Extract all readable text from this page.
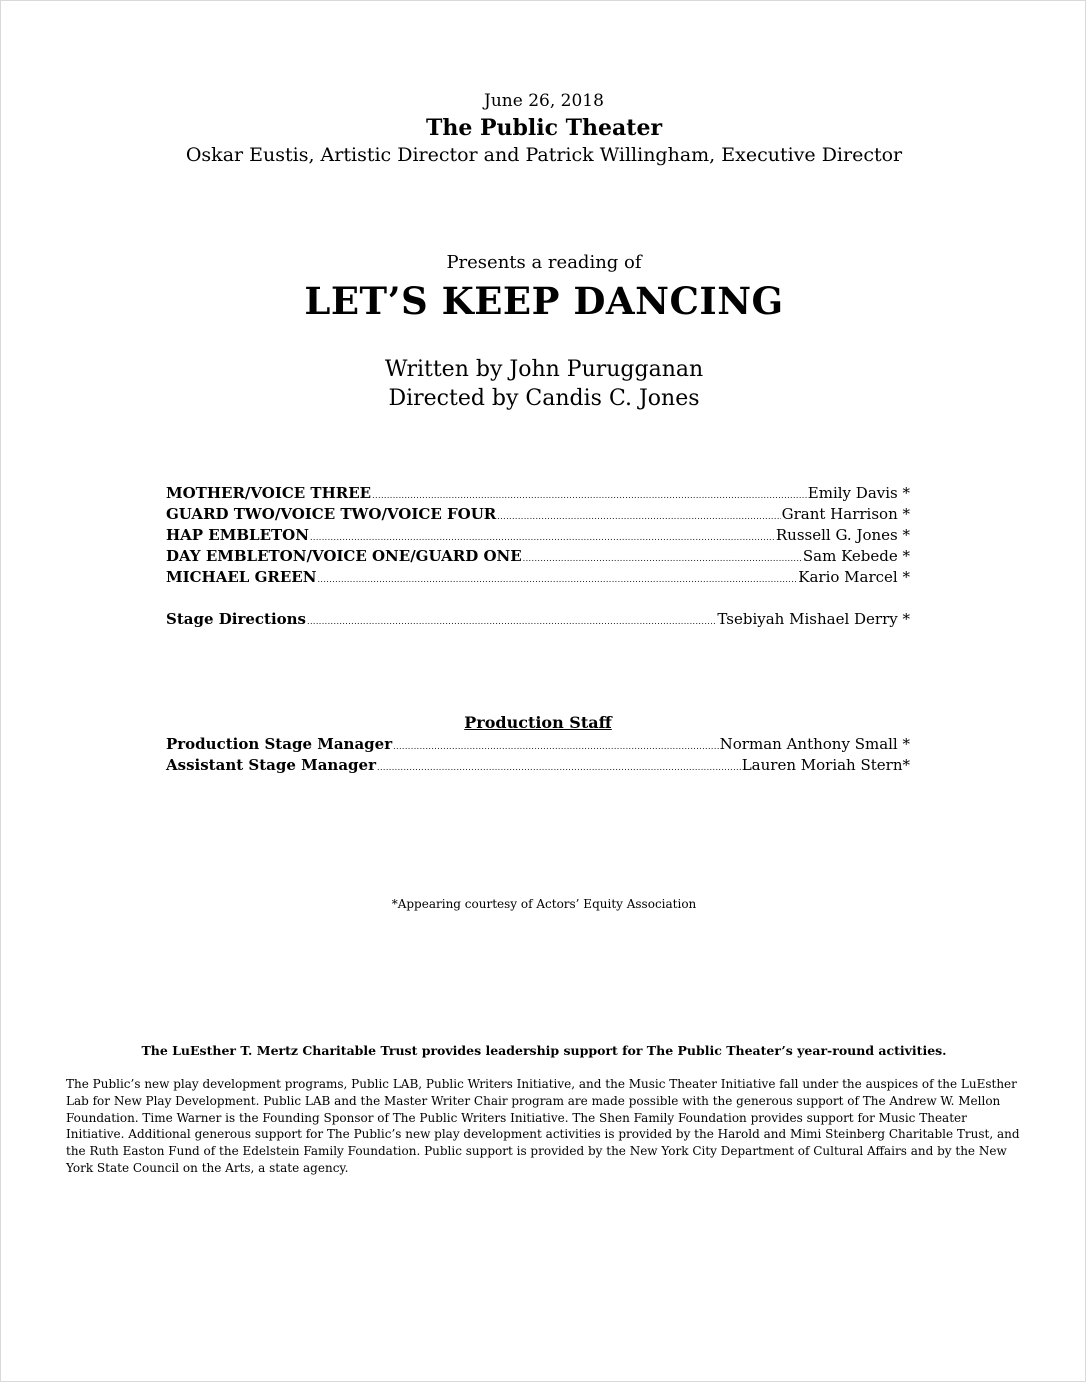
June 26, 2018
The Public Theater
Oskar Eustis, Artistic Director and Patrick Willingham, Executive Director
Presents a reading of
LET’S KEEP DANCING
Written by John Purugganan
Directed by Candis C. Jones
MOTHER/VOICE THREE .....	Emily Davis *
GUARD TWO/VOICE TWO/VOICE FOUR .....	Grant Harrison *
HAP EMBLETON .....	Russell G. Jones *
DAY EMBLETON/VOICE ONE/GUARD ONE .....	Sam Kebede *
MICHAEL GREEN .....	Kario Marcel *
Stage Directions .....	Tsebiyah Mishael Derry *
Production Staff
Production Stage Manager .....	Norman Anthony Small *
Assistant Stage Manager .....	Lauren Moriah Stern*
*Appearing courtesy of Actors’ Equity Association
The LuEsther T. Mertz Charitable Trust provides leadership support for The Public Theater’s year-round activities.
The Public’s new play development programs, Public LAB, Public Writers Initiative, and the Music Theater Initiative fall under the auspices of the LuEsther Lab for New Play Development. Public LAB and the Master Writer Chair program are made possible with the generous support of The Andrew W. Mellon Foundation. Time Warner is the Founding Sponsor of The Public Writers Initiative. The Shen Family Foundation provides support for Music Theater Initiative. Additional generous support for The Public’s new play development activities is provided by the Harold and Mimi Steinberg Charitable Trust, and the Ruth Easton Fund of the Edelstein Family Foundation. Public support is provided by the New York City Department of Cultural Affairs and by the New York State Council on the Arts, a state agency.
